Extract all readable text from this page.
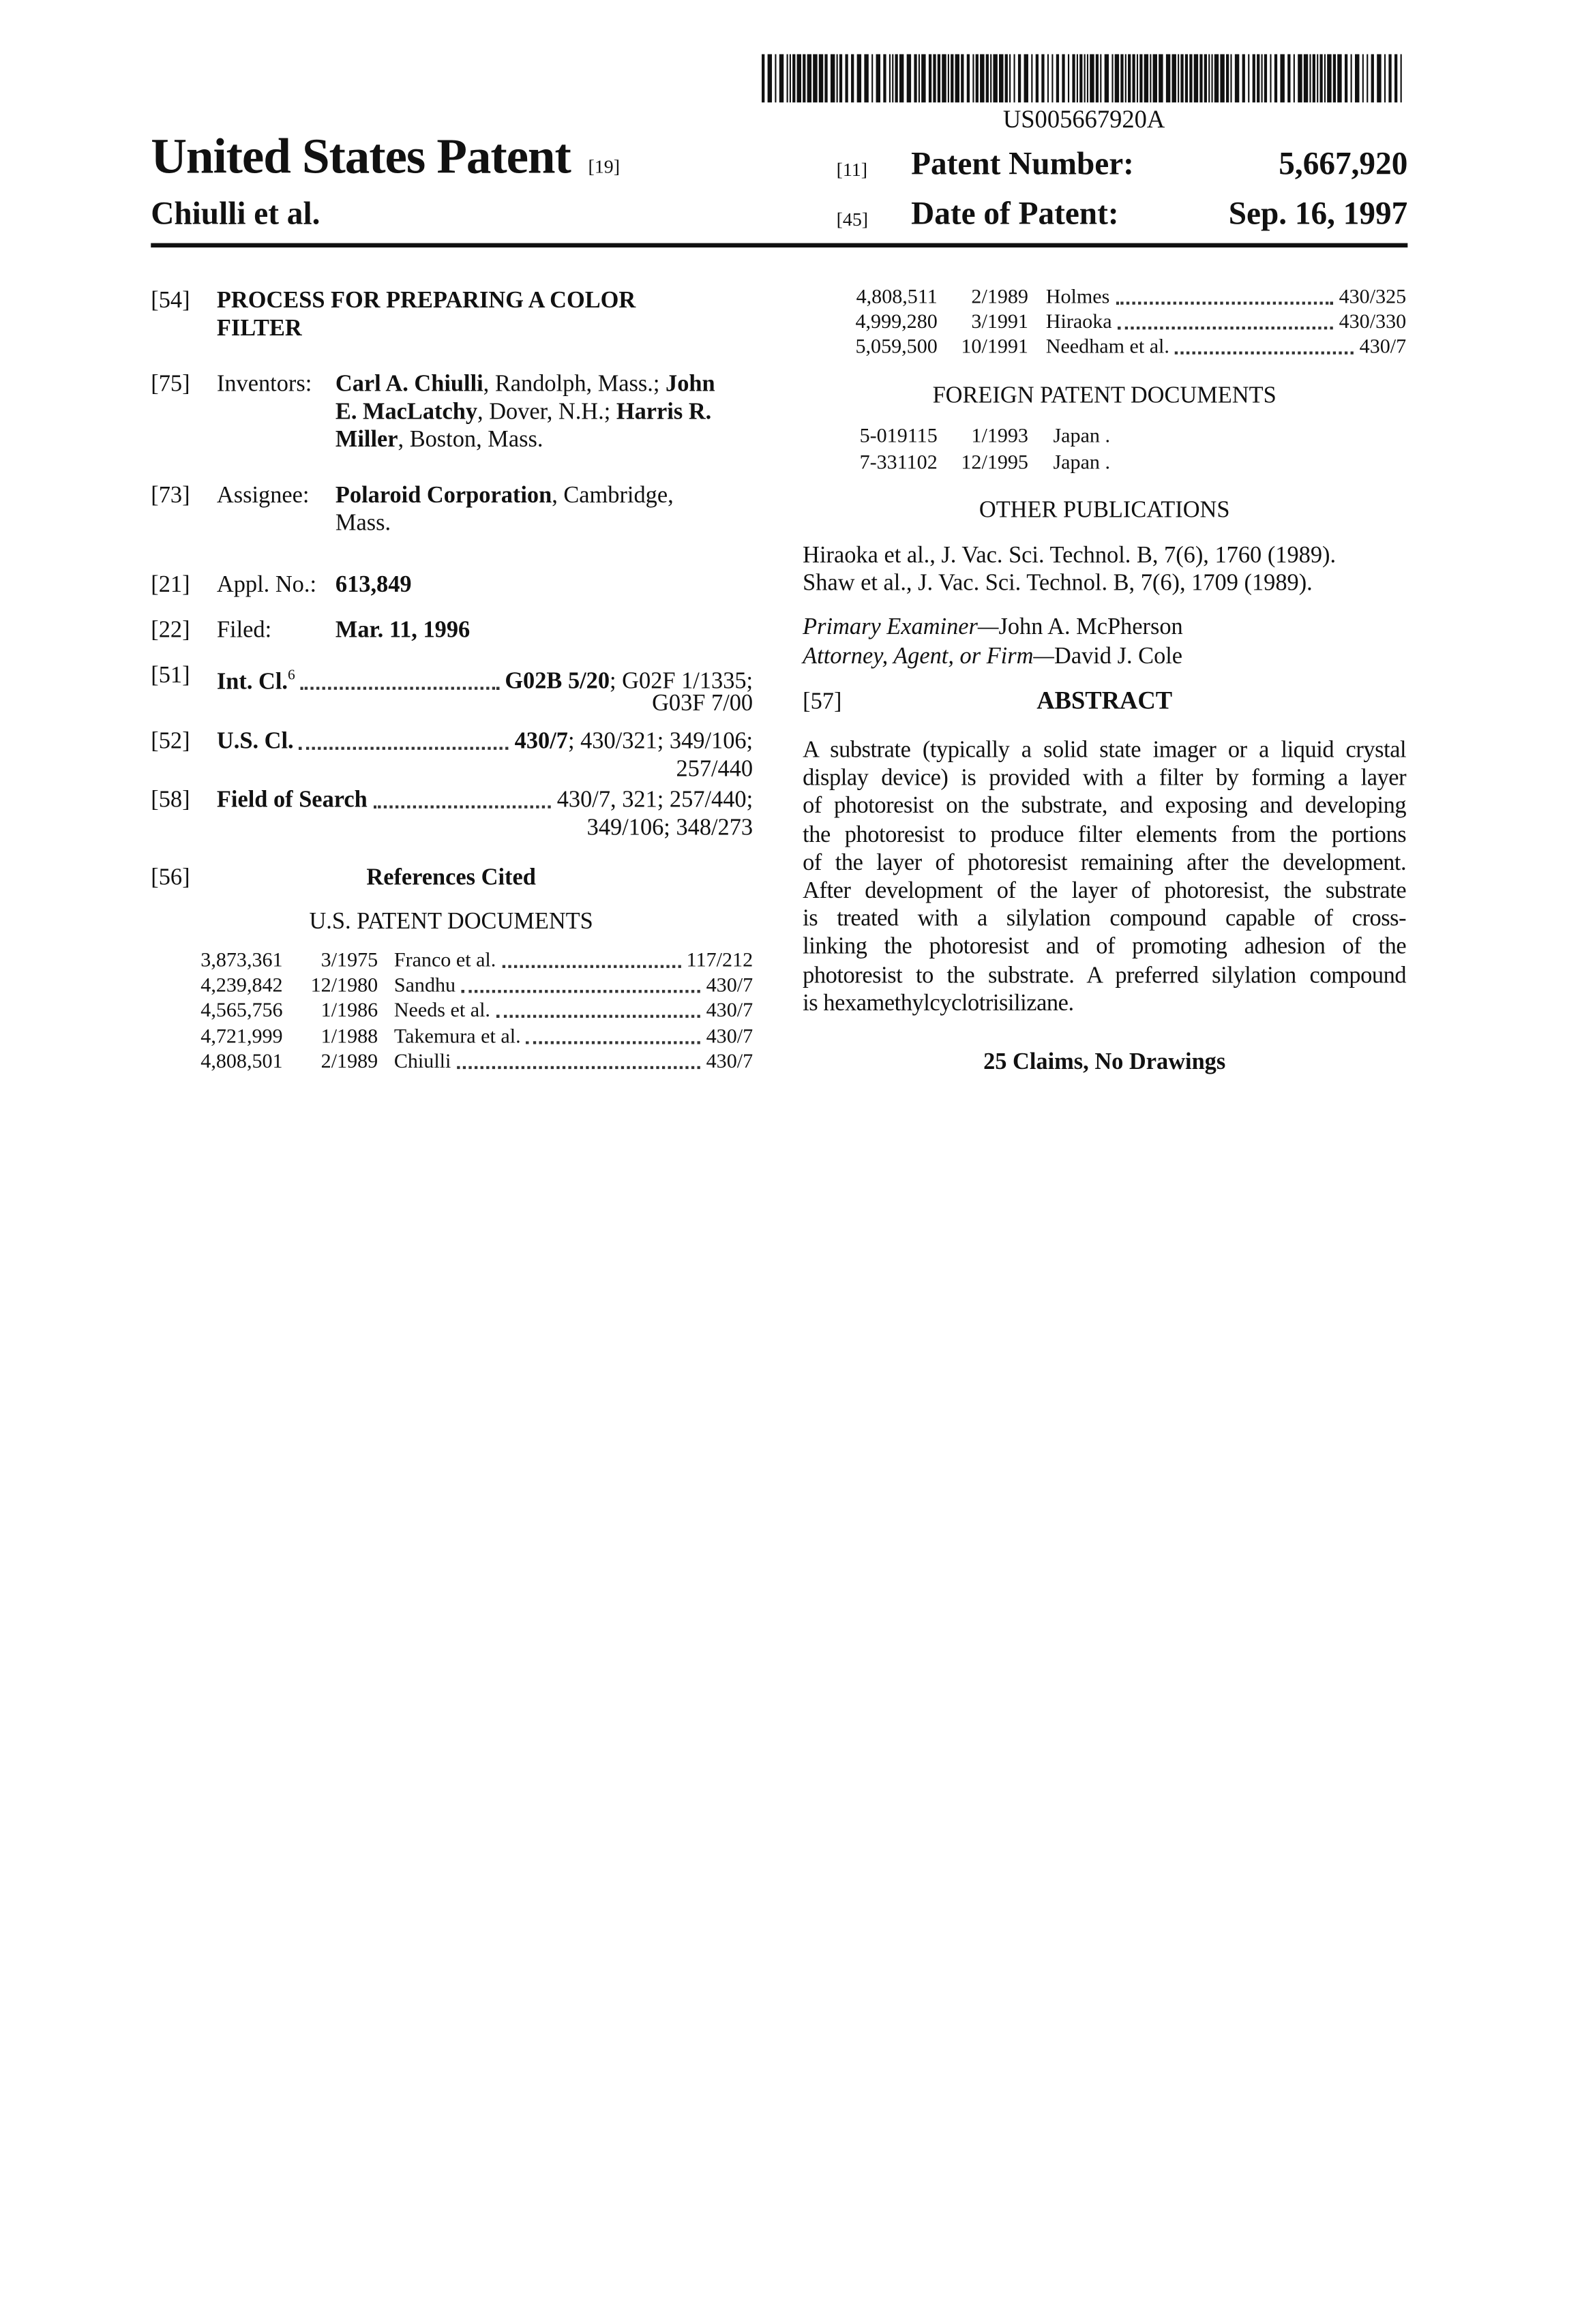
US005667920A
United States Patent [19]
Chiulli et al.
[11]	Patent Number:	5,667,920
[45]	Date of Patent:	Sep. 16, 1997
[54] PROCESS FOR PREPARING A COLOR
FILTER
[75] Inventors: Carl A. Chiulli, Randolph, Mass.; John
E. MacLatchy, Dover, N.H.; Harris R.
Miller, Boston, Mass.
[73] Assignee: Polaroid Corporation, Cambridge,
Mass.
[21] Appl. No.: 613,849
[22] Filed:	Mar. 11, 1996
[51] Int. Cl.6	G02B 5/20; G02F 1/1335;
G03F 7/00
[52] U.S. Cl.	430/7; 430/321; 349/106;
257/440
[58] Field of Search	430/7, 321; 257/440;
349/106; 348/273
[56]	References Cited
U.S. PATENT DOCUMENTS
FOREIGN PATENT DOCUMENTS
OTHER PUBLICATIONS
Hiraoka et al., J. Vac. Sci. Technol. B, 7(6), 1760 (1989).
Shaw et al., J. Vac. Sci. Technol. B, 7(6), 1709 (1989).
Primary Examiner—John A. McPherson
Attorney, Agent, or Firm—David J. Cole
[57]	ABSTRACT
25 Claims, No Drawings
3,873,361	3/1975 Franco et al.	117/212
4,239,842	12/1980 Sandhu	430/7
4,565,756	1/1986 Needs et al.	430/7
4,721,999	1/1988 Takemura et al.	430/7
4,808,501	2/1989 Chiulli	430/7
4,808,511	2/1989 Holmes	430/325
4,999,280	3/1991 Hiraoka	430/330
5,059,500	10/1991 Needham et al.	430/7
5-019115	1/1993	Japan .
7-331102	12/1995	Japan .
A substrate (typically a solid state imager or a liquid crystal
display device) is provided with a filter by forming a layer
of photoresist on the substrate, and exposing and developing
the photoresist to produce filter elements from the portions
of the layer of photoresist remaining after the development.
After development of the layer of photoresist, the substrate
is treated with a silylation compound capable of cross-
linking the photoresist and of promoting adhesion of the
photoresist to the substrate. A preferred silylation compound
is hexamethylcyclotrisilizane.
